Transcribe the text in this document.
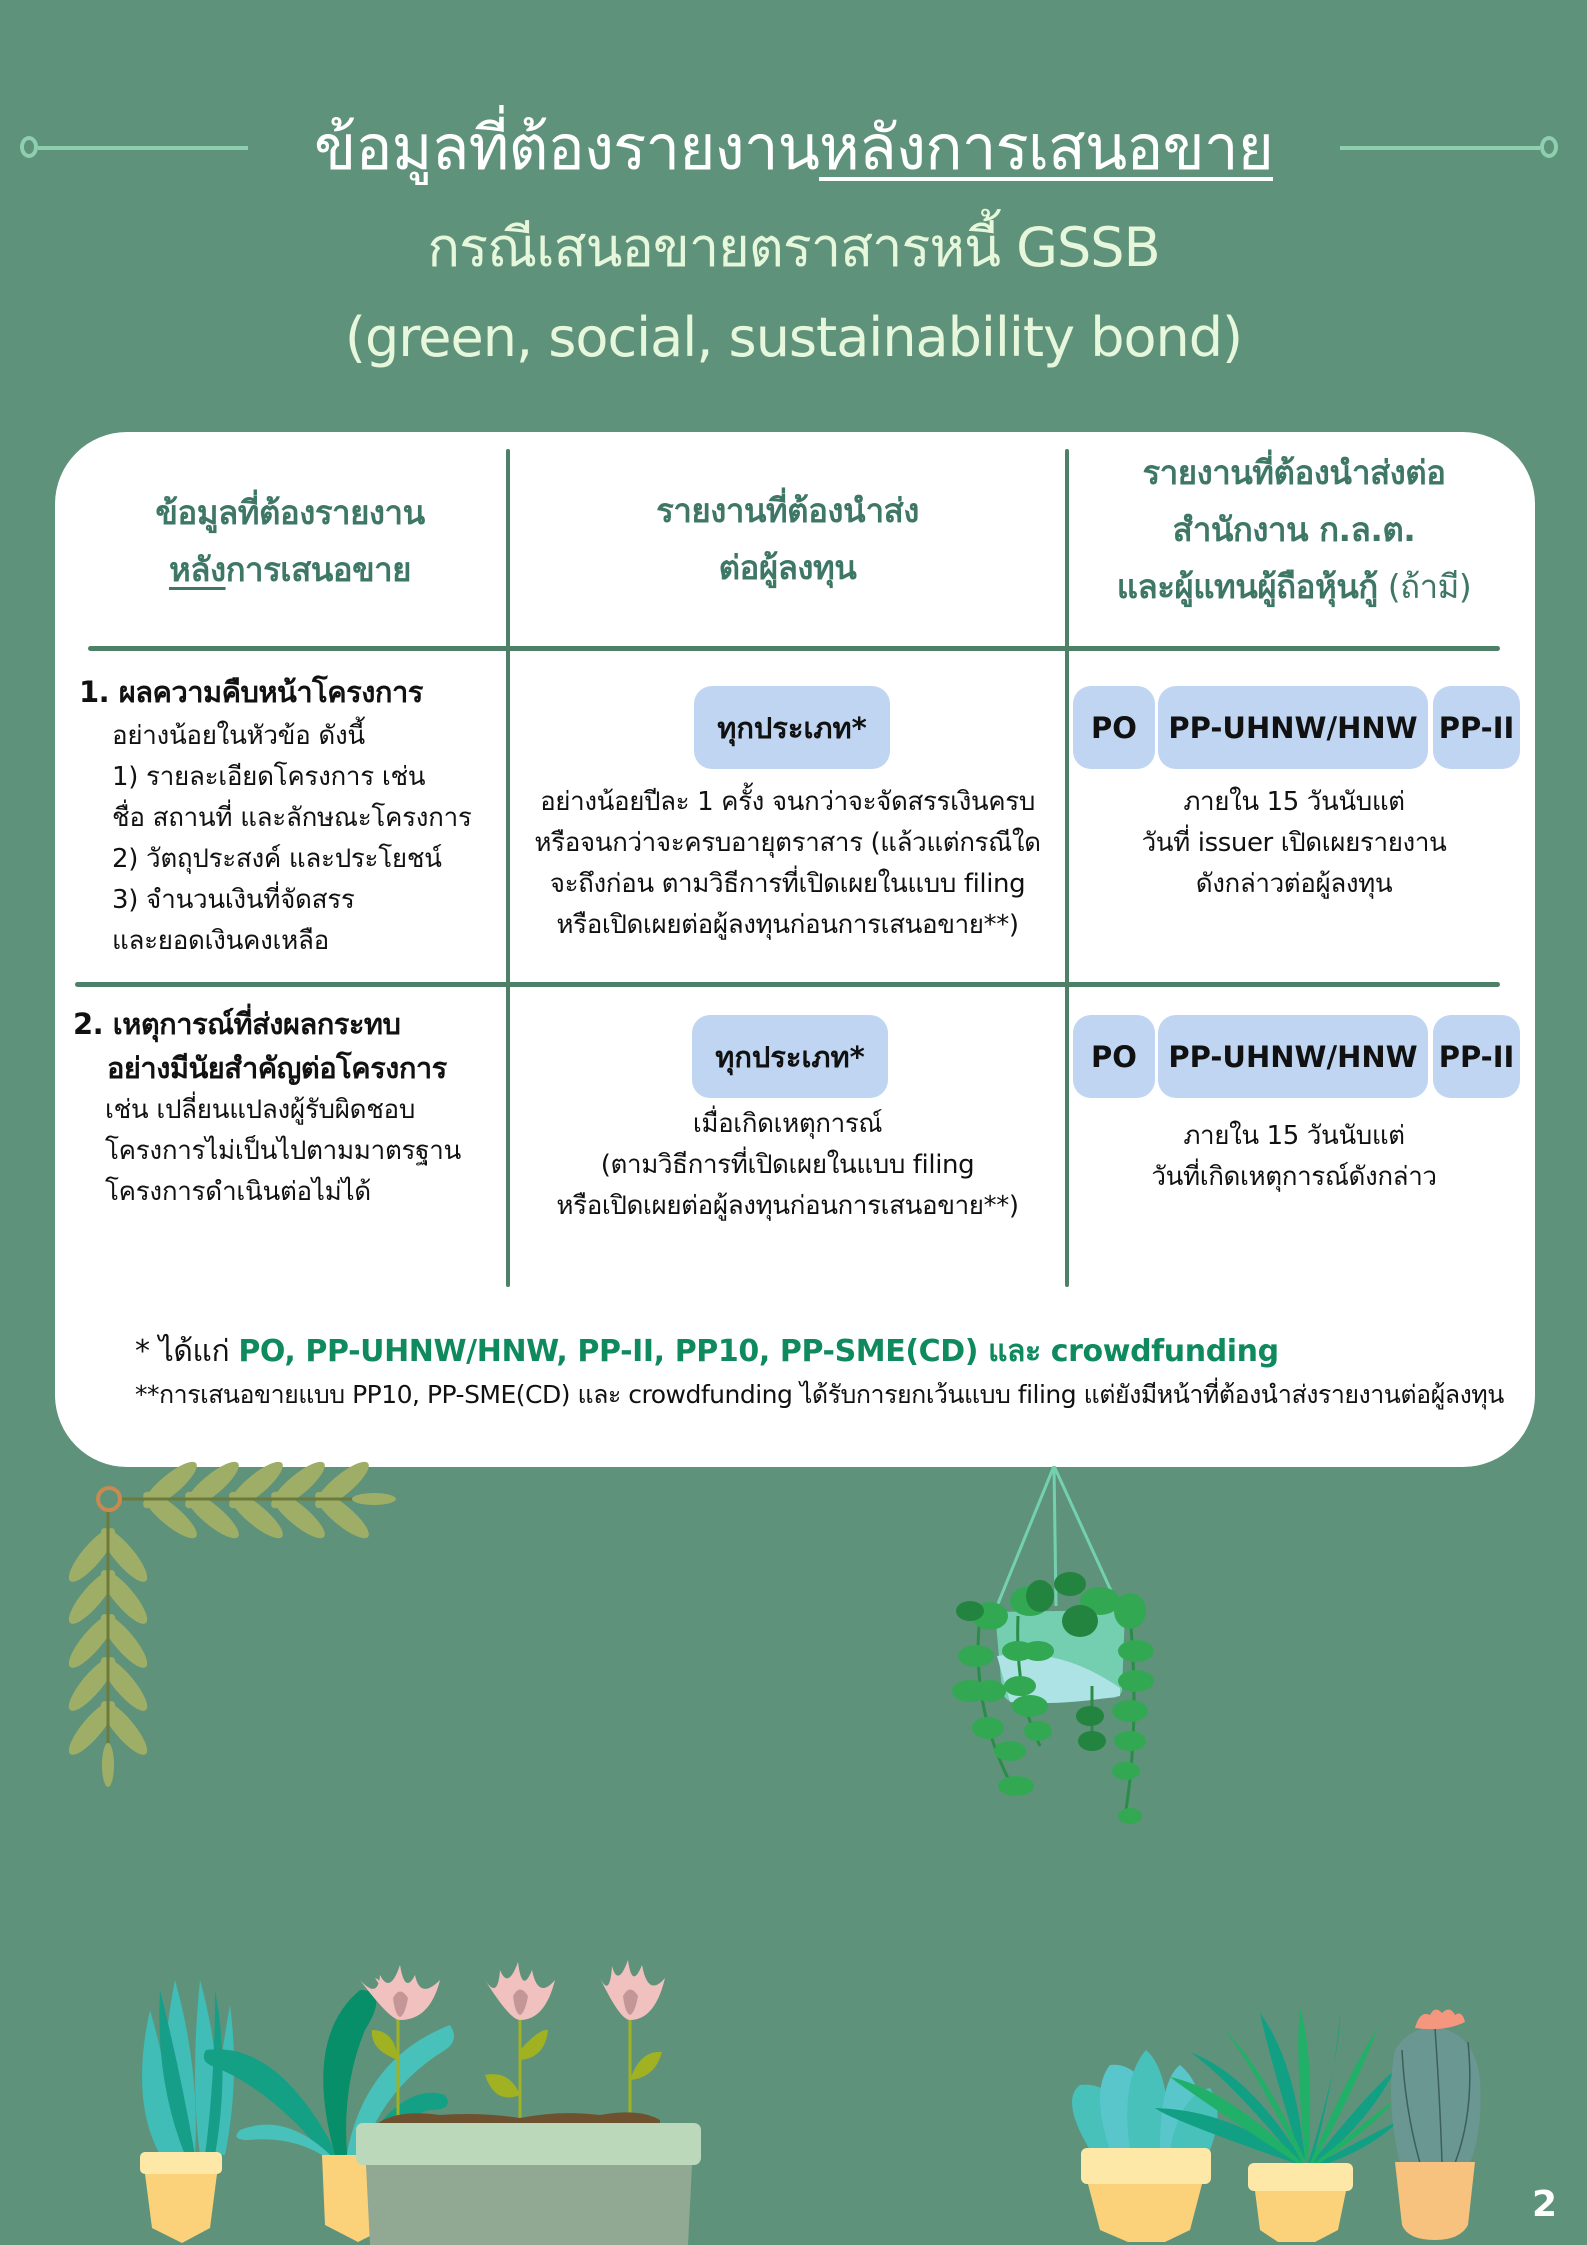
ข้อมูลที่ต้องรายงานหลังการเสนอขาย
กรณีเสนอขายตราสารหนี้ GSSB
(green, social, sustainability bond)
ข้อมูลที่ต้องรายงาน
หลังการเสนอขาย
รายงานที่ต้องนำส่ง
ต่อผู้ลงทุน
รายงานที่ต้องนำส่งต่อ
สำนักงาน ก.ล.ต.
และผู้แทนผู้ถือหุ้นกู้ (ถ้ามี)
1. ผลความคืบหน้าโครงการ
อย่างน้อยในหัวข้อ ดังนี้
1) รายละเอียดโครงการ เช่น
ชื่อ สถานที่ และลักษณะโครงการ
2) วัตถุประสงค์ และประโยชน์
3) จำนวนเงินที่จัดสรร
และยอดเงินคงเหลือ
ทุกประเภท*
อย่างน้อยปีละ 1 ครั้ง จนกว่าจะจัดสรรเงินครบ
หรือจนกว่าจะครบอายุตราสาร (แล้วแต่กรณีใด
จะถึงก่อน ตามวิธีการที่เปิดเผยในแบบ filing
หรือเปิดเผยต่อผู้ลงทุนก่อนการเสนอขาย**)
PO	PP-UHNW/HNW PP-II
ภายใน 15 วันนับแต่
วันที่ issuer เปิดเผยรายงาน
ดังกล่าวต่อผู้ลงทุน
2. เหตุการณ์ที่ส่งผลกระทบ
อย่างมีนัยสำคัญต่อโครงการ
เช่น เปลี่ยนแปลงผู้รับผิดชอบ
โครงการไม่เป็นไปตามมาตรฐาน
โครงการดำเนินต่อไม่ได้
ทุกประเภท*
เมื่อเกิดเหตุการณ์
(ตามวิธีการที่เปิดเผยในแบบ filing
หรือเปิดเผยต่อผู้ลงทุนก่อนการเสนอขาย**)
PO	PP-UHNW/HNW PP-II
ภายใน 15 วันนับแต่
วันที่เกิดเหตุการณ์ดังกล่าว
* ได้แก่ PO, PP-UHNW/HNW, PP-II, PP10, PP-SME(CD) และ crowdfunding
**การเสนอขายแบบ PP10, PP-SME(CD) และ crowdfunding ได้รับการยกเว้นแบบ filing แต่ยังมีหน้าที่ต้องนำส่งรายงานต่อผู้ลงทุน
2
